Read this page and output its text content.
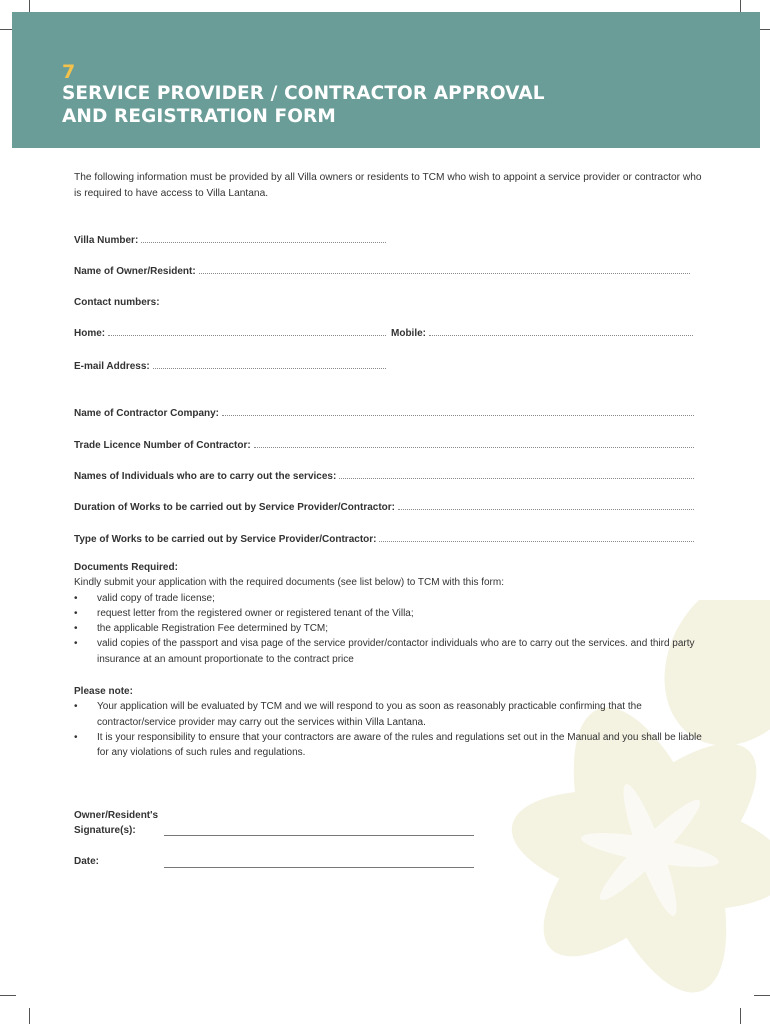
7
SERVICE PROVIDER / CONTRACTOR APPROVAL
AND REGISTRATION FORM
The following information must be provided by all Villa owners or residents to TCM who wish to appoint a service provider or contractor who is required to have access to Villa Lantana.
Villa Number:
Name of Owner/Resident:
Contact numbers:
Home:	Mobile:
E-mail Address:
Name of Contractor Company:
Trade Licence Number of Contractor:
Names of Individuals who are to carry out the services:
Duration of Works to be carried out by Service Provider/Contractor:
Type of Works to be carried out by Service Provider/Contractor:
Documents Required:
Kindly submit your application with the required documents (see list below) to TCM with this form:
• valid copy of trade license;
• request letter from the registered owner or registered tenant of the Villa;
• the applicable Registration Fee determined by TCM;
• valid copies of the passport and visa page of the service provider/contactor individuals who are to carry out the services. and third party insurance at an amount proportionate to the contract price
Please note:
• Your application will be evaluated by TCM and we will respond to you as soon as reasonably practicable confirming that the contractor/service provider may carry out the services within Villa Lantana.
• It is your responsibility to ensure that your contractors are aware of the rules and regulations set out in the Manual and you shall be liable for any violations of such rules and regulations.
Owner/Resident's
Signature(s):
Date:
